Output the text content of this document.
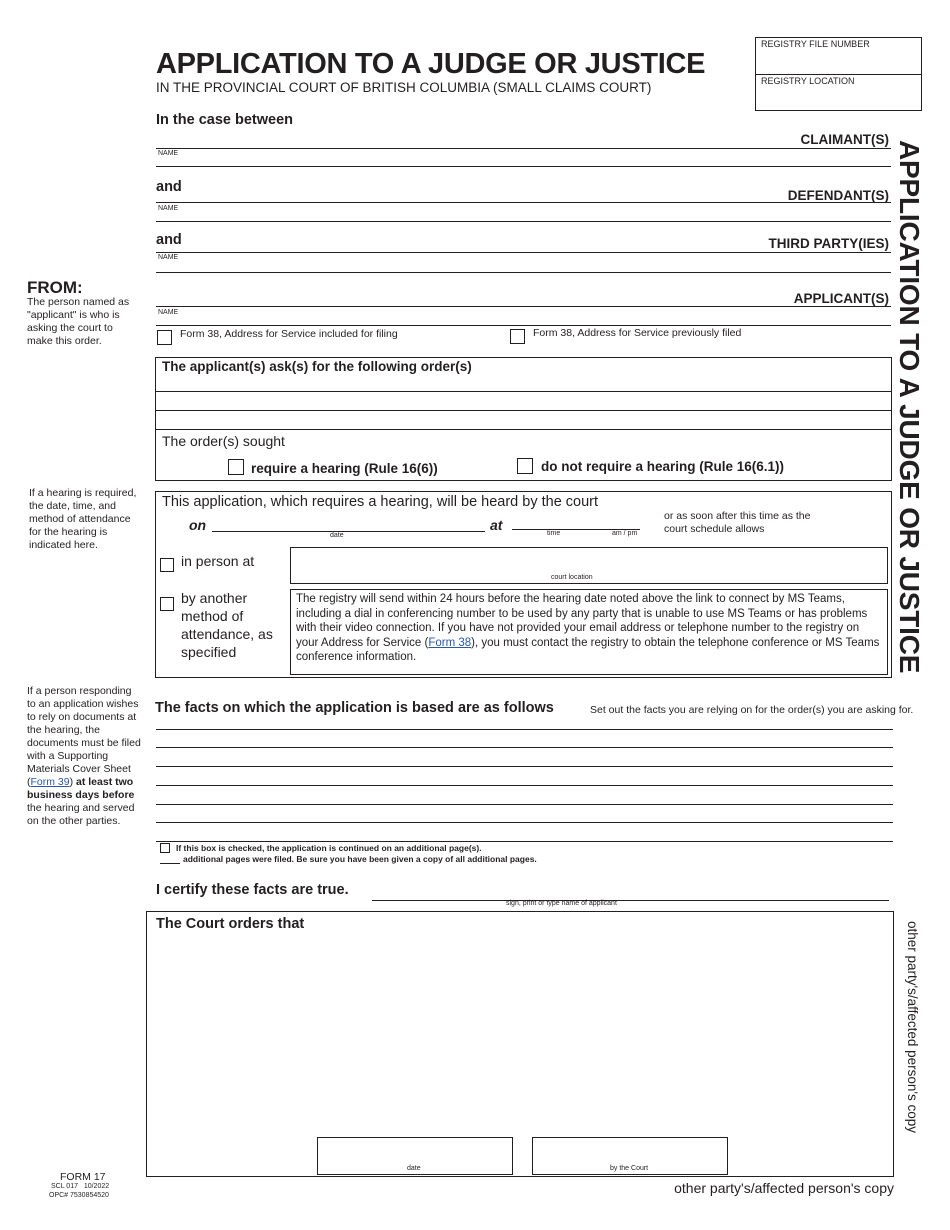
APPLICATION TO A JUDGE OR JUSTICE
IN THE PROVINCIAL COURT OF BRITISH COLUMBIA (SMALL CLAIMS COURT)
REGISTRY FILE NUMBER
REGISTRY LOCATION
APPLICATION TO A JUDGE OR JUSTICE
In the case between
CLAIMANT(S)
NAME
and
DEFENDANT(S)
NAME
and	THIRD PARTY(IES)
NAME
APPLICANT(S)
NAME
FROM:
The person named as "applicant" is who is asking the court to make this order.
Form 38, Address for Service included for filing	Form 38, Address for Service previously filed
The applicant(s) ask(s) for the following order(s)
The order(s) sought
require a hearing (Rule 16(6))	do not require a hearing (Rule 16(6.1))
If a hearing is required, the date, time, and method of attendance for the hearing is indicated here.
This application, which requires a hearing, will be heard by the court
on
date
at
time	am / pm
or as soon after this time as the court schedule allows
in person at
court location
by another method of attendance, as specified
The registry will send within 24 hours before the hearing date noted above the link to connect by MS Teams, including a dial in conferencing number to be used by any party that is unable to use MS Teams or has problems with their video connection. If you have not provided your email address or telephone number to the registry on your Address for Service (Form 38), you must contact the registry to obtain the telephone conference or MS Teams conference information.
If a person responding to an application wishes to rely on documents at the hearing, the documents must be filed with a Supporting Materials Cover Sheet (Form 39) at least two business days before the hearing and served on the other parties.
The facts on which the application is based are as follows	Set out the facts you are relying on for the order(s) you are asking for.
If this box is checked, the application is continued on an additional page(s).
additional pages were filed. Be sure you have been given a copy of all additional pages.
I certify these facts are true.
sign, print or type name of applicant
The Court orders that
date	by the Court
other party's/affected person's copy
FORM 17
SCL 017   10/2022
OPC# 7530854520	other party's/affected person's copy
